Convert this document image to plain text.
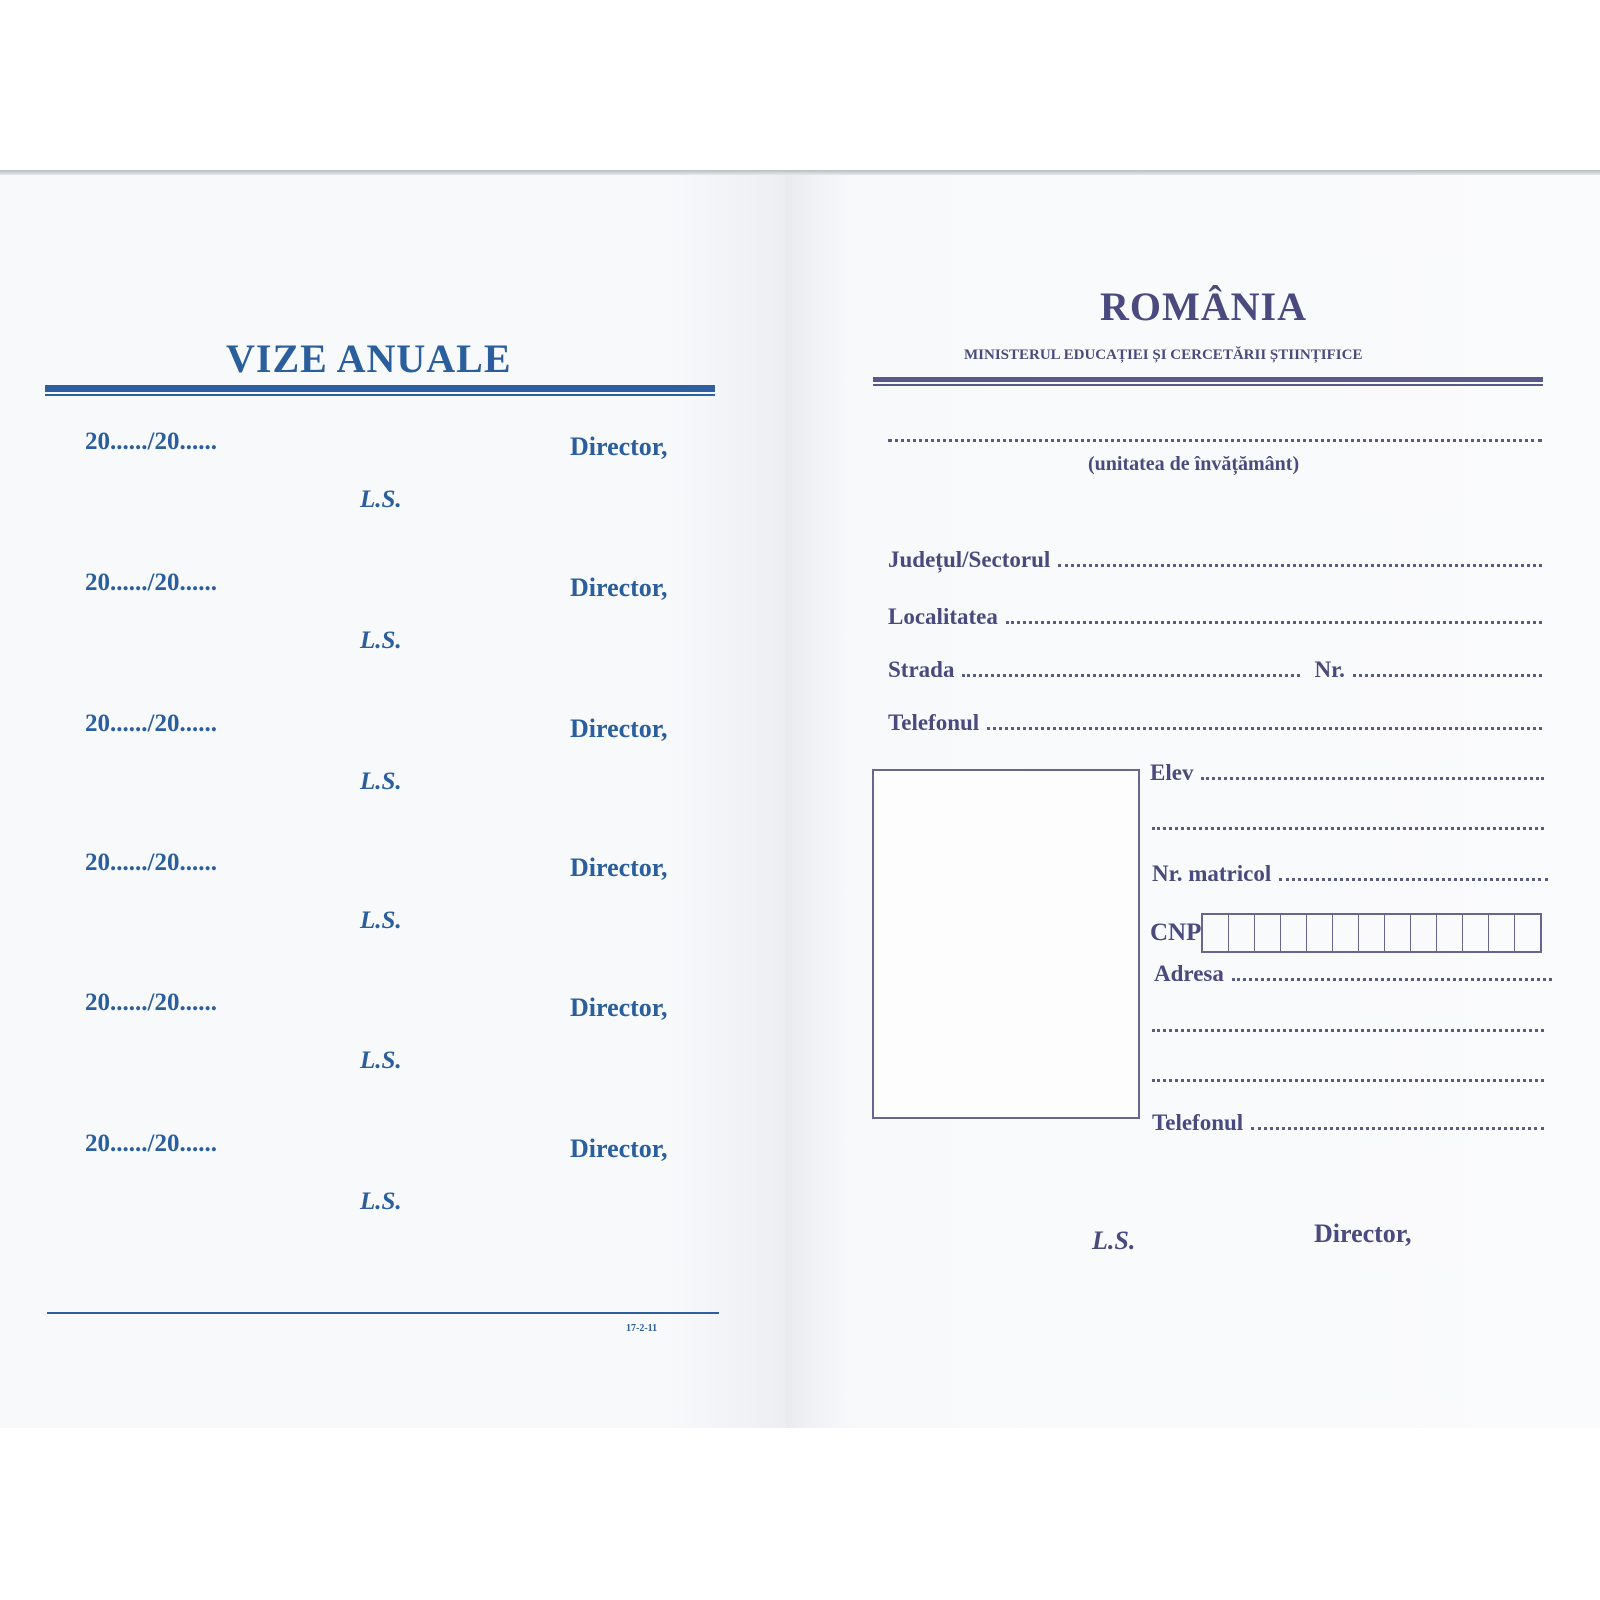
VIZE ANUALE
20....../20......	Director,
L.S.
20....../20......	Director,
L.S.
20....../20......	Director,
L.S.
20....../20......	Director,
L.S.
20....../20......	Director,
L.S.
20....../20......	Director,
L.S.
17-2-11
ROMÂNIA
MINISTERUL EDUCAȚIEI ȘI CERCETĂRII ȘTIINȚIFICE
(unitatea de învățământ)
Județul/Sectorul
Localitatea
Strada	Nr.
Telefonul
Elev
Nr. matricol
CNP
Adresa
Telefonul
L.S.	Director,
